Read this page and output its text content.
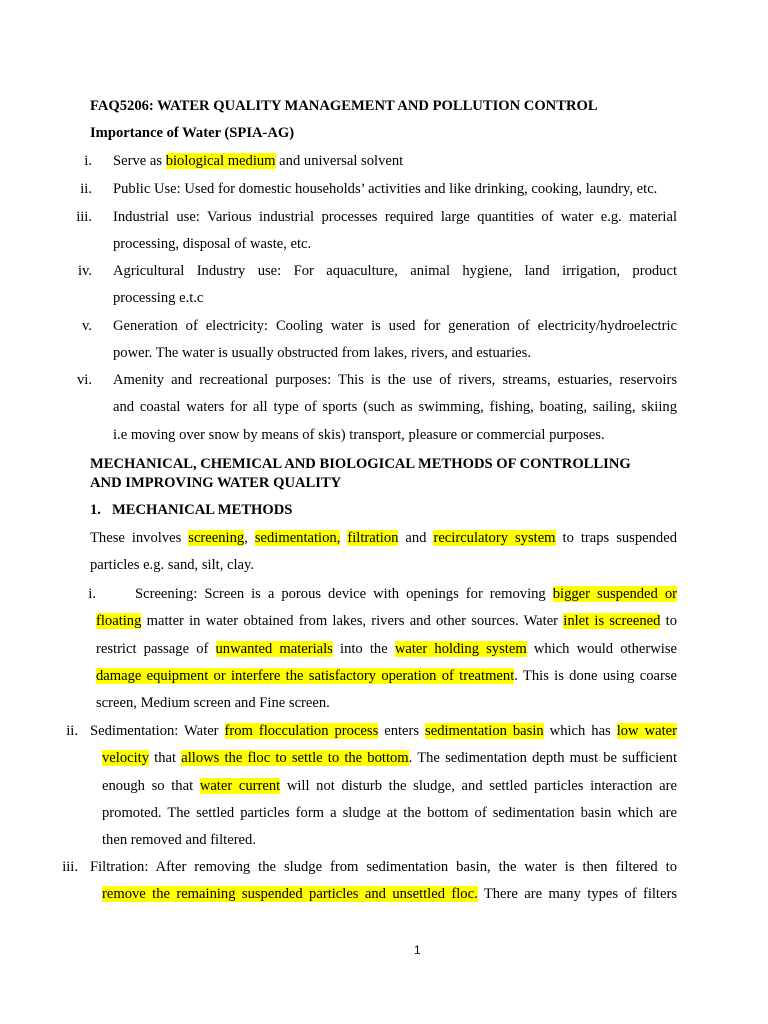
FAQ5206: WATER QUALITY MANAGEMENT AND POLLUTION CONTROL
Importance of Water (SPIA-AG)
i. Serve as biological medium and universal solvent
ii. Public Use: Used for domestic households’ activities and like drinking, cooking, laundry, etc.
iii. Industrial use: Various industrial processes required large quantities of water e.g. material
processing, disposal of waste, etc.
iv. Agricultural Industry use: For aquaculture, animal hygiene, land irrigation, product
processing e.t.c
v. Generation of electricity: Cooling water is used for generation of electricity/hydroelectric
power. The water is usually obstructed from lakes, rivers, and estuaries.
vi. Amenity and recreational purposes: This is the use of rivers, streams, estuaries, reservoirs
and coastal waters for all type of sports (such as swimming, fishing, boating, sailing, skiing
i.e moving over snow by means of skis) transport, pleasure or commercial purposes.
MECHANICAL, CHEMICAL AND BIOLOGICAL METHODS OF CONTROLLING
AND IMPROVING WATER QUALITY
1. MECHANICAL METHODS
These involves screening, sedimentation, filtration and recirculatory system to traps suspended
particles e.g. sand, silt, clay.
i.	Screening: Screen is a porous device with openings for removing bigger suspended or
floating matter in water obtained from lakes, rivers and other sources. Water inlet is screened to
restrict passage of unwanted materials into the water holding system which would otherwise
damage equipment or interfere the satisfactory operation of treatment. This is done using coarse
screen, Medium screen and Fine screen.
ii. Sedimentation: Water from flocculation process enters sedimentation basin which has low water
velocity that allows the floc to settle to the bottom. The sedimentation depth must be sufficient
enough so that water current will not disturb the sludge, and settled particles interaction are
promoted. The settled particles form a sludge at the bottom of sedimentation basin which are
then removed and filtered.
iii. Filtration: After removing the sludge from sedimentation basin, the water is then filtered to
remove the remaining suspended particles and unsettled floc. There are many types of filters
1
